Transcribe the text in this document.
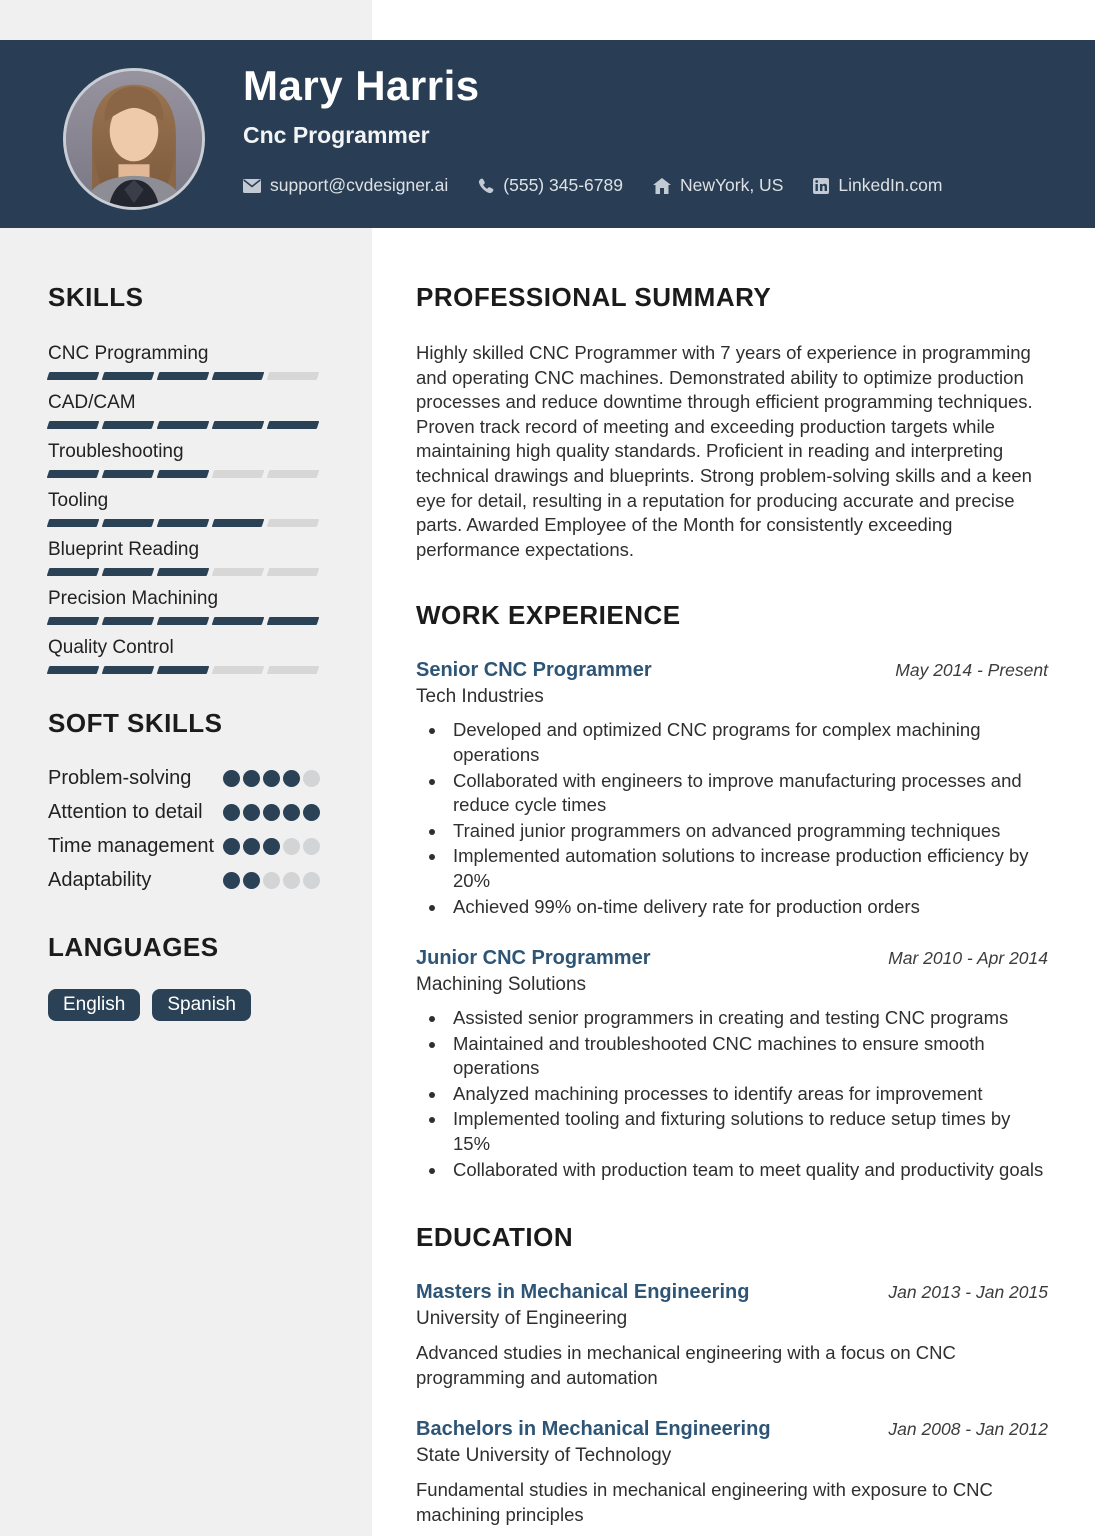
Mary Harris
Cnc Programmer
support@cvdesigner.ai	(555) 345-6789	NewYork, US	LinkedIn.com
SKILLS
CNC Programming
CAD/CAM
Troubleshooting
Tooling
Blueprint Reading
Precision Machining
Quality Control
SOFT SKILLS
Problem-solving
Attention to detail
Time management
Adaptability
LANGUAGES
English	Spanish
PROFESSIONAL SUMMARY

Highly skilled CNC Programmer with 7 years of experience in programming and operating CNC machines. Demonstrated ability to optimize production processes and reduce downtime through efficient programming techniques. Proven track record of meeting and exceeding production targets while maintaining high quality standards. Proficient in reading and interpreting technical drawings and blueprints. Strong problem-solving skills and a keen eye for detail, resulting in a reputation for producing accurate and precise parts. Awarded Employee of the Month for consistently exceeding performance expectations.

WORK EXPERIENCE
Senior CNC Programmer	May 2014 - Present
Tech Industries
• Developed and optimized CNC programs for complex machining operations
• Collaborated with engineers to improve manufacturing processes and reduce cycle times
• Trained junior programmers on advanced programming techniques
• Implemented automation solutions to increase production efficiency by 20%
• Achieved 99% on-time delivery rate for production orders
Junior CNC Programmer	Mar 2010 - Apr 2014
Machining Solutions
• Assisted senior programmers in creating and testing CNC programs
• Maintained and troubleshooted CNC machines to ensure smooth operations
• Analyzed machining processes to identify areas for improvement
• Implemented tooling and fixturing solutions to reduce setup times by 15%
• Collaborated with production team to meet quality and productivity goals
EDUCATION
Masters in Mechanical Engineering	Jan 2013 - Jan 2015
University of Engineering

Advanced studies in mechanical engineering with a focus on CNC programming and automation

Bachelors in Mechanical Engineering	Jan 2008 - Jan 2012
State University of Technology

Fundamental studies in mechanical engineering with exposure to CNC machining principles
